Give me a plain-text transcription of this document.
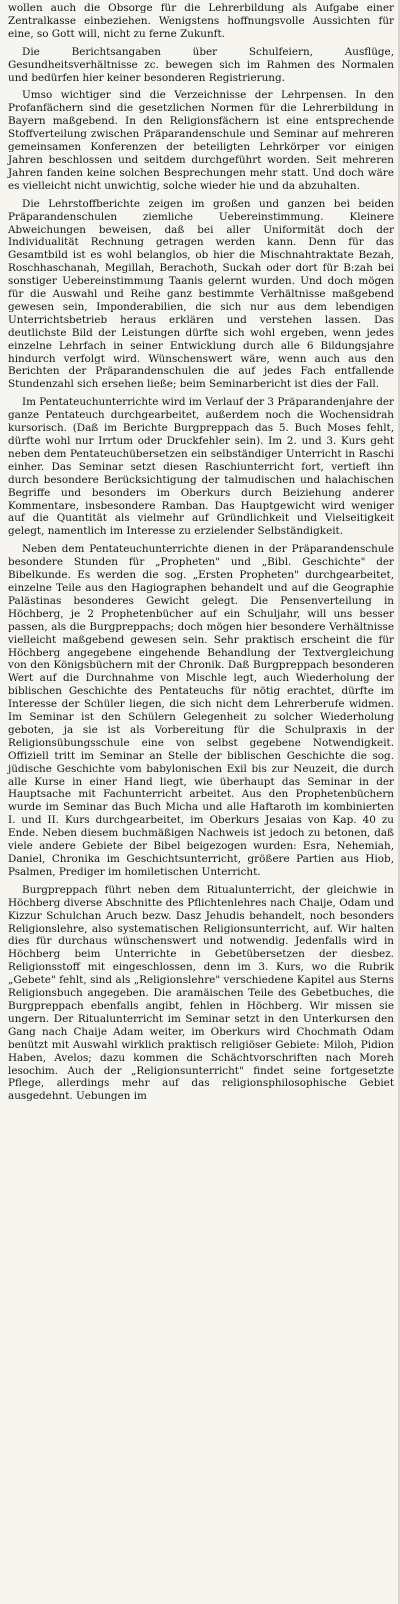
wollen auch die Obsorge für die Lehrerbildung als Aufgabe einer Zentralkasse einbeziehen. Wenigstens hoffnungsvolle Aussichten für eine, so Gott will, nicht zu ferne Zukunft.

Die Berichtsangaben über Schulfeiern, Ausflüge, Gesundheitsverhältnisse zc. bewegen sich im Rahmen des Normalen und bedürfen hier keiner besonderen Registrierung.

Umso wichtiger sind die Verzeichnisse der Lehrpensen. In den Profanfächern sind die gesetzlichen Normen für die Lehrerbildung in Bayern maßgebend. In den Religionsfächern ist eine entsprechende Stoffverteilung zwischen Präparandenschule und Seminar auf mehreren gemeinsamen Konferenzen der beteiligten Lehrkörper vor einigen Jahren beschlossen und seitdem durchgeführt worden. Seit mehreren Jahren fanden keine solchen Besprechungen mehr statt. Und doch wäre es vielleicht nicht unwichtig, solche wieder hie und da abzuhalten.

Die Lehrstoffberichte zeigen im großen und ganzen bei beiden Präparandenschulen ziemliche Uebereinstimmung. Kleinere Abweichungen beweisen, daß bei aller Uniformität doch der Individualität Rechnung getragen werden kann. Denn für das Gesamtbild ist es wohl belanglos, ob hier die Mischnahtraktate Bezah, Roschhaschanah, Megillah, Berachoth, Suckah oder dort für B:zah bei sonstiger Uebereinstimmung Taanis gelernt wurden. Und doch mögen für die Auswahl und Reihe ganz bestimmte Verhältnisse maßgebend gewesen sein, Imponderabilien, die sich nur aus dem lebendigen Unterrichtsbetrieb heraus erklären und verstehen lassen. Das deutlichste Bild der Leistungen dürfte sich wohl ergeben, wenn jedes einzelne Lehrfach in seiner Entwicklung durch alle 6 Bildungsjahre hindurch verfolgt wird. Wünschenswert wäre, wenn auch aus den Berichten der Präparandenschulen die auf jedes Fach entfallende Stundenzahl sich ersehen ließe; beim Seminarbericht ist dies der Fall.

Im Pentateuchunterrichte wird im Verlauf der 3 Präparandenjahre der ganze Pentateuch durchgearbeitet, außerdem noch die Wochensidrah kursorisch. (Daß im Berichte Burgpreppach das 5. Buch Moses fehlt, dürfte wohl nur Irrtum oder Druckfehler sein). Im 2. und 3. Kurs geht neben dem Pentateuchübersetzen ein selbständiger Unterricht in Raschi einher. Das Seminar setzt diesen Raschiunterricht fort, vertieft ihn durch besondere Berücksichtigung der talmudischen und halachischen Begriffe und besonders im Oberkurs durch Beiziehung anderer Kommentare, insbesondere Ramban. Das Hauptgewicht wird weniger auf die Quantität als vielmehr auf Gründlichkeit und Vielseitigkeit gelegt, namentlich im Interesse zu erzielender Selbständigkeit.

Neben dem Pentateuchunterrichte dienen in der Präparandenschule besondere Stunden für „Propheten" und „Bibl. Geschichte" der Bibelkunde. Es werden die sog. „Ersten Propheten" durchgearbeitet, einzelne Teile aus den Hagiographen behandelt und auf die Geographie Palästinas besonderes Gewicht gelegt. Die Pensenverteilung in Höchberg, je 2 Prophetenbücher auf ein Schuljahr, will uns besser passen, als die Burgpreppachs; doch mögen hier besondere Verhältnisse vielleicht maßgebend gewesen sein. Sehr praktisch erscheint die für Höchberg angegebene eingehende Behandlung der Textvergleichung von den Königsbüchern mit der Chronik. Daß Burgpreppach besonderen Wert auf die Durchnahme von Mischle legt, auch Wiederholung der biblischen Geschichte des Pentateuchs für nötig erachtet, dürfte im Interesse der Schüler liegen, die sich nicht dem Lehrerberufe widmen. Im Seminar ist den Schülern Gelegenheit zu solcher Wiederholung geboten, ja sie ist als Vorbereitung für die Schulpraxis in der Religionsübungsschule eine von selbst gegebene Notwendigkeit. Offiziell tritt im Seminar an Stelle der biblischen Geschichte die sog. jüdische Geschichte vom babylonischen Exil bis zur Neuzeit, die durch alle Kurse in einer Hand liegt, wie überhaupt das Seminar in der Hauptsache mit Fachunterricht arbeitet. Aus den Prophetenbüchern wurde im Seminar das Buch Micha und alle Haftaroth im kombinierten I. und II. Kurs durchgearbeitet, im Oberkurs Jesaias von Kap. 40 zu Ende. Neben diesem buchmäßigen Nachweis ist jedoch zu betonen, daß viele andere Gebiete der Bibel beigezogen wurden: Esra, Nehemiah, Daniel, Chronika im Geschichtsunterricht, größere Partien aus Hiob, Psalmen, Prediger im homiletischen Unterricht.

Burgpreppach führt neben dem Ritualunterricht, der gleichwie in Höchberg diverse Abschnitte des Pflichtenlehres nach Chaije, Odam und Kizzur Schulchan Aruch bezw. Dasz Jehudis behandelt, noch besonders Religionslehre, also systematischen Religionsunterricht, auf. Wir halten dies für durchaus wünschenswert und notwendig. Jedenfalls wird in Höchberg beim Unterrichte in Gebetübersetzen der diesbez. Religionsstoff mit eingeschlossen, denn im 3. Kurs, wo die Rubrik „Gebete" fehlt, sind als „Religionslehre" verschiedene Kapitel aus Sterns Religionsbuch angegeben. Die aramäischen Teile des Gebetbuches, die Burgpreppach ebenfalls angibt, fehlen in Höchberg. Wir missen sie ungern. Der Ritualunterricht im Seminar setzt in den Unterkursen den Gang nach Chaije Adam weiter, im Oberkurs wird Chochmath Odam benützt mit Auswahl wirklich praktisch religiöser Gebiete: Miloh, Pidion Haben, Avelos; dazu kommen die Schächtvorschriften nach Moreh lesochim. Auch der „Religionsunterricht" findet seine fortgesetzte Pflege, allerdings mehr auf das religionsphilosophische Gebiet ausgedehnt. Uebungen im
